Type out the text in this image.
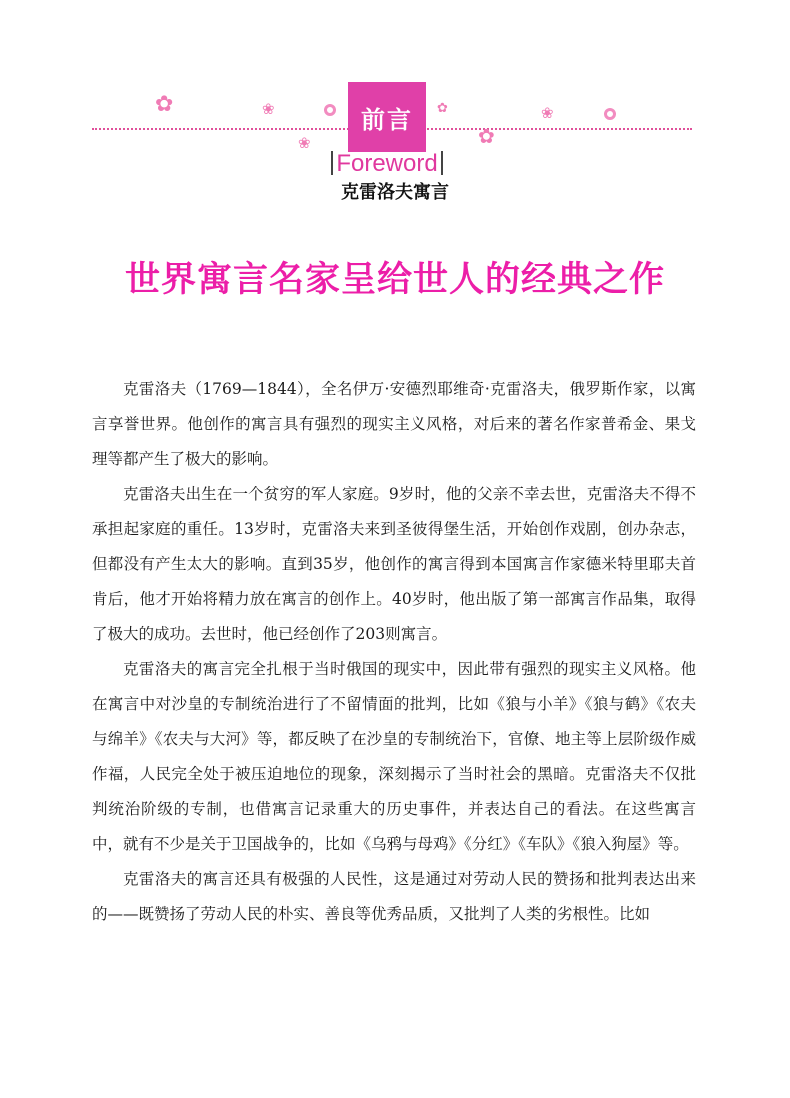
✿	❀
❀
✿
✿
❀
前言
Foreword
克雷洛夫寓言
世界寓言名家呈给世人的经典之作

克雷洛夫（1769—1844），全名伊万·安德烈耶维奇·克雷洛夫，俄罗斯作家，以寓言享誉世界。他创作的寓言具有强烈的现实主义风格，对后来的著名作家普希金、果戈理等都产生了极大的影响。

克雷洛夫出生在一个贫穷的军人家庭。9岁时，他的父亲不幸去世，克雷洛夫不得不承担起家庭的重任。13岁时，克雷洛夫来到圣彼得堡生活，开始创作戏剧，创办杂志，但都没有产生太大的影响。直到35岁，他创作的寓言得到本国寓言作家德米特里耶夫首肯后，他才开始将精力放在寓言的创作上。40岁时，他出版了第一部寓言作品集，取得了极大的成功。去世时，他已经创作了203则寓言。

克雷洛夫的寓言完全扎根于当时俄国的现实中，因此带有强烈的现实主义风格。他在寓言中对沙皇的专制统治进行了不留情面的批判，比如《狼与小羊》《狼与鹤》《农夫与绵羊》《农夫与大河》等，都反映了在沙皇的专制统治下，官僚、地主等上层阶级作威作福，人民完全处于被压迫地位的现象，深刻揭示了当时社会的黑暗。克雷洛夫不仅批判统治阶级的专制，也借寓言记录重大的历史事件，并表达自己的看法。在这些寓言中，就有不少是关于卫国战争的，比如《乌鸦与母鸡》《分红》《车队》《狼入狗屋》等。

克雷洛夫的寓言还具有极强的人民性，这是通过对劳动人民的赞扬和批判表达出来的——既赞扬了劳动人民的朴实、善良等优秀品质，又批判了人类的劣根性。比如
